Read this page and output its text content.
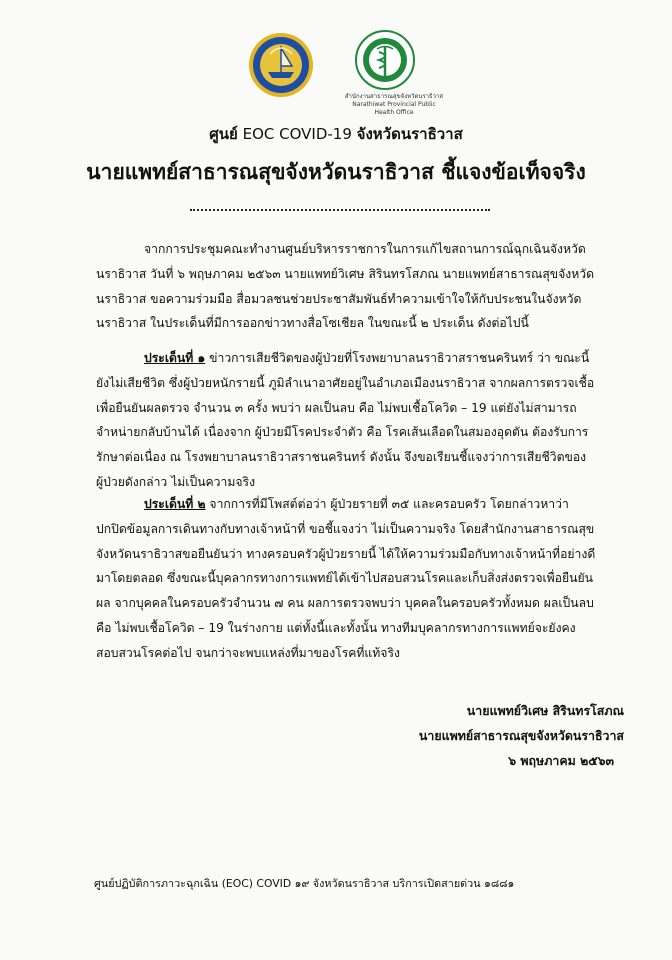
สำนักงานสาธารณสุขจังหวัดนราธิวาส
Narathiwat Provincial Public Health Office
ศูนย์ EOC COVID-19 จังหวัดนราธิวาส
นายแพทย์สาธารณสุขจังหวัดนราธิวาส ชี้แจงข้อเท็จจริง
จากการประชุมคณะทำงานศูนย์บริหารราชการในการแก้ไขสถานการณ์ฉุกเฉินจังหวัด
นราธิวาส วันที่ ๖ พฤษภาคม ๒๕๖๓ นายแพทย์วิเศษ สิรินทรโสภณ นายแพทย์สาธารณสุขจังหวัด
นราธิวาส ขอความร่วมมือ สื่อมวลชนช่วยประชาสัมพันธ์ทำความเข้าใจให้กับประชนในจังหวัด
นราธิวาส ในประเด็นที่มีการออกข่าวทางสื่อโซเชียล ในขณะนี้ ๒ ประเด็น ดังต่อไปนี้
ประเด็นที่ ๑ ข่าวการเสียชีวิตของผู้ป่วยที่โรงพยาบาลนราธิวาสราชนครินทร์ ว่า ขณะนี้
ยังไม่เสียชีวิต ซึ่งผู้ป่วยหนักรายนี้ ภูมิลำเนาอาศัยอยู่ในอำเภอเมืองนราธิวาส จากผลการตรวจเชื้อ
เพื่อยืนยันผลตรวจ จำนวน ๓ ครั้ง พบว่า ผลเป็นลบ คือ ไม่พบเชื้อโควิด – 19 แต่ยังไม่สามารถ
จำหน่ายกลับบ้านได้ เนื่องจาก ผู้ป่วยมีโรคประจำตัว คือ โรคเส้นเลือดในสมองอุดตัน ต้องรับการ
รักษาต่อเนื่อง ณ โรงพยาบาลนราธิวาสราชนครินทร์ ดังนั้น จึงขอเรียนชี้แจงว่าการเสียชีวิตของ
ผู้ป่วยดังกล่าว ไม่เป็นความจริง
ประเด็นที่ ๒ จากการที่มีโพสต์ต่อว่า ผู้ป่วยรายที่ ๓๕ และครอบครัว โดยกล่าวหาว่า
ปกปิดข้อมูลการเดินทางกับทางเจ้าหน้าที่ ขอชี้แจงว่า ไม่เป็นความจริง โดยสำนักงานสาธารณสุข
จังหวัดนราธิวาสขอยืนยันว่า ทางครอบครัวผู้ป่วยรายนี้ ได้ให้ความร่วมมือกับทางเจ้าหน้าที่อย่างดี
มาโดยตลอด ซึ่งขณะนี้บุคลากรทางการแพทย์ได้เข้าไปสอบสวนโรคและเก็บสิ่งส่งตรวจเพื่อยืนยัน
ผล จากบุคคลในครอบครัวจำนวน ๗ คน ผลการตรวจพบว่า บุคคลในครอบครัวทั้งหมด ผลเป็นลบ
คือ ไม่พบเชื้อโควิด – 19 ในร่างกาย แต่ทั้งนี้และทั้งนั้น ทางทีมบุคลากรทางการแพทย์จะยังคง
สอบสวนโรคต่อไป จนกว่าจะพบแหล่งที่มาของโรคที่แท้จริง
นายแพทย์วิเศษ สิรินทรโสภณ
นายแพทย์สาธารณสุขจังหวัดนราธิวาส
๖ พฤษภาคม ๒๕๖๓
ศูนย์ปฏิบัติการภาวะฉุกเฉิน (EOC) COVID ๑๙ จังหวัดนราธิวาส บริการเปิดสายด่วน ๑๘๘๑
